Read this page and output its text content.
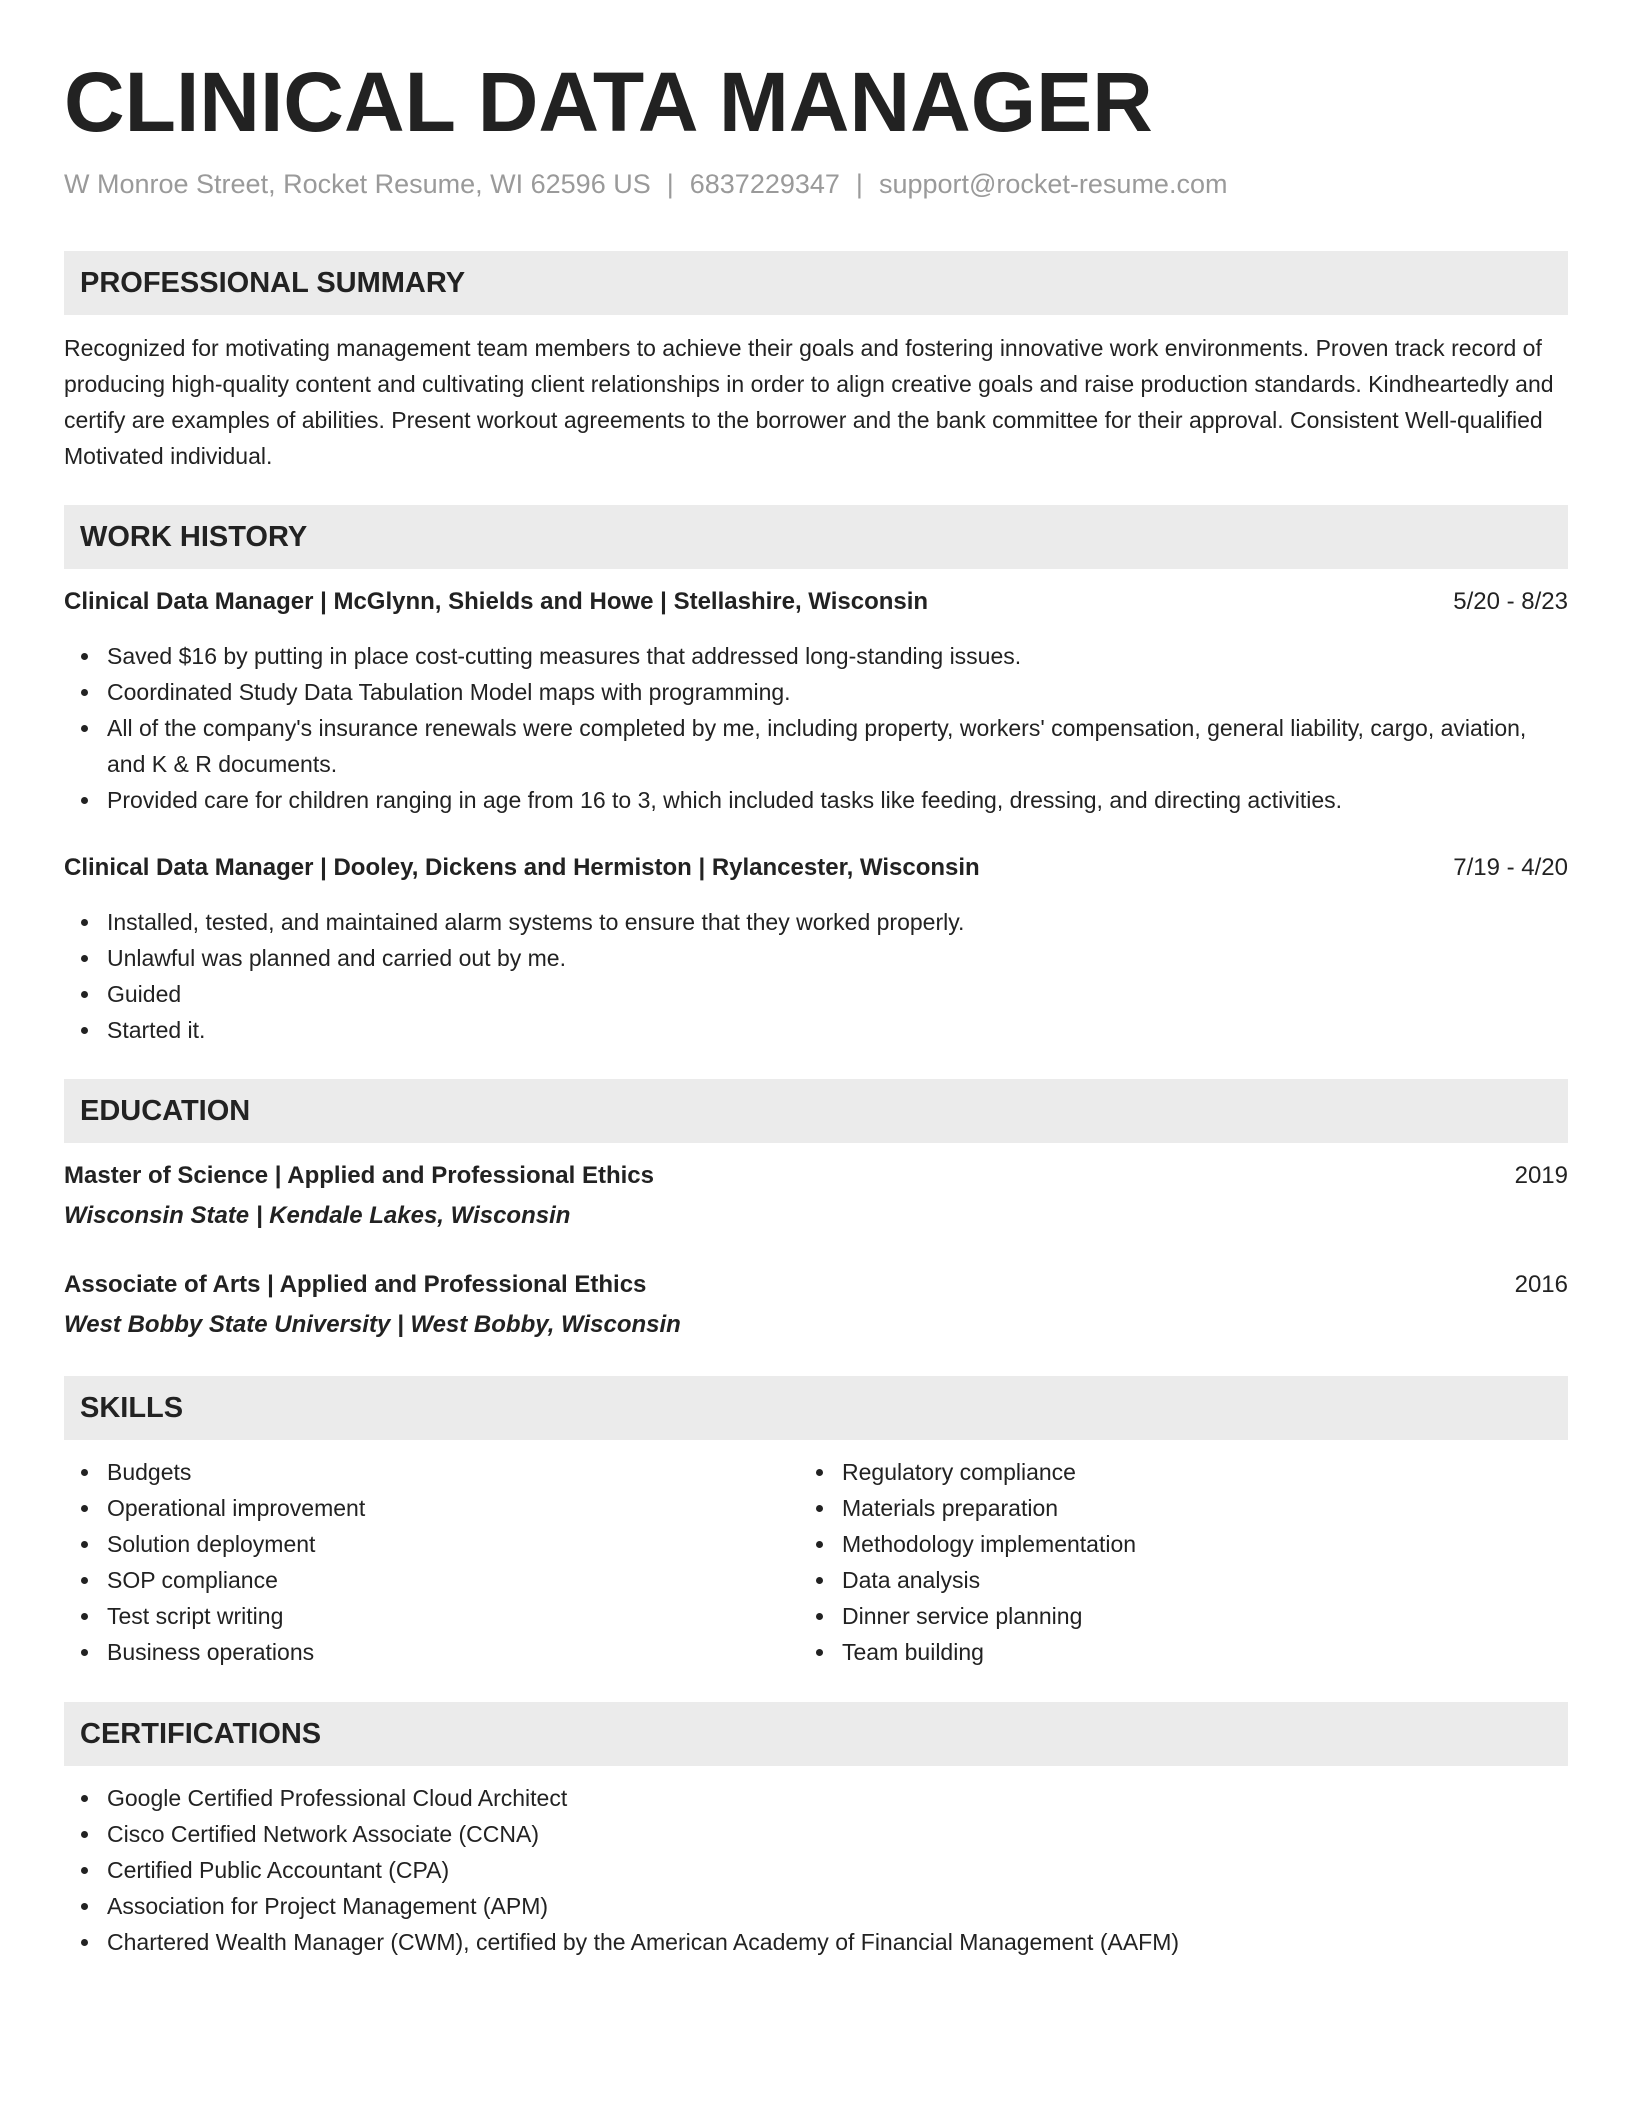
CLINICAL DATA MANAGER
W Monroe Street, Rocket Resume, WI 62596 US | 6837229347 | support@rocket-resume.com
PROFESSIONAL SUMMARY
Recognized for motivating management team members to achieve their goals and fostering innovative work environments. Proven track record of producing high-quality content and cultivating client relationships in order to align creative goals and raise production standards. Kindheartedly and certify are examples of abilities. Present workout agreements to the borrower and the bank committee for their approval. Consistent Well-qualified Motivated individual.
WORK HISTORY
Clinical Data Manager | McGlynn, Shields and Howe | Stellashire, Wisconsin	5/20 - 8/23
Saved $16 by putting in place cost-cutting measures that addressed long-standing issues.
Coordinated Study Data Tabulation Model maps with programming.
All of the company's insurance renewals were completed by me, including property, workers' compensation, general liability, cargo, aviation, and K & R documents.
Provided care for children ranging in age from 16 to 3, which included tasks like feeding, dressing, and directing activities.
Clinical Data Manager | Dooley, Dickens and Hermiston | Rylancester, Wisconsin	7/19 - 4/20
Installed, tested, and maintained alarm systems to ensure that they worked properly.
Unlawful was planned and carried out by me.
Guided
Started it.
EDUCATION
Master of Science | Applied and Professional Ethics	2019
Wisconsin State | Kendale Lakes, Wisconsin
Associate of Arts | Applied and Professional Ethics	2016
West Bobby State University | West Bobby, Wisconsin
SKILLS
Budgets
Operational improvement
Solution deployment
SOP compliance
Test script writing
Business operations
Regulatory compliance
Materials preparation
Methodology implementation
Data analysis
Dinner service planning
Team building
CERTIFICATIONS
Google Certified Professional Cloud Architect
Cisco Certified Network Associate (CCNA)
Certified Public Accountant (CPA)
Association for Project Management (APM)
Chartered Wealth Manager (CWM), certified by the American Academy of Financial Management (AAFM)
